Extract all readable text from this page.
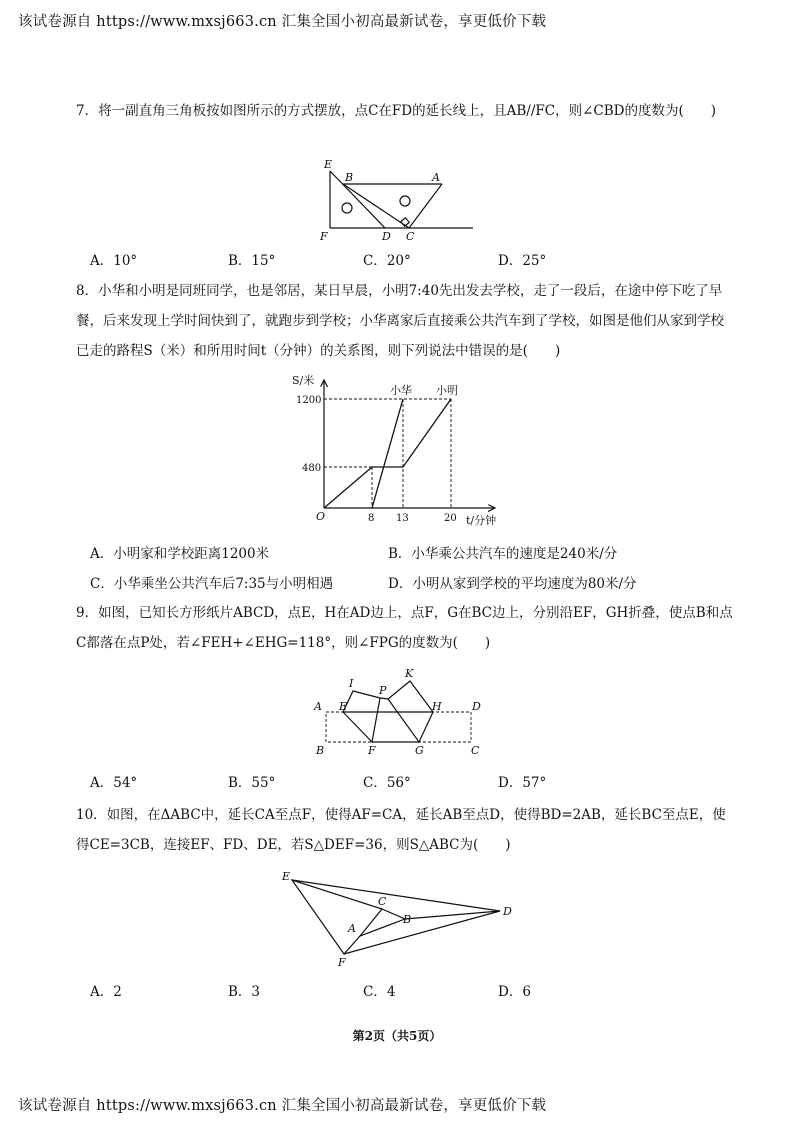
该试卷源自 https://www.mxsj663.cn 汇集全国小初高最新试卷，享更低价下载
7．将一副直角三角板按如图所示的方式摆放，点C在FD的延长线上，且AB//FC，则∠CBD的度数为(　　)
E
B	A
F	D C
A．10°	B．15°	C．20°	D．25°
8．小华和小明是同班同学，也是邻居，某日早晨，小明7:40先出发去学校，走了一段后，在途中停下吃了早餐，后来发现上学时间快到了，就跑步到学校；小华离家后直接乘公共汽车到了学校，如图是他们从家到学校已走的路程S（米）和所用时间t（分钟）的关系图，则下列说法中错误的是(　　)
S/米
t/分钟
O
1200
480
8 13	20
小华 小明
A．小明家和学校距离1200米	B．小华乘公共汽车的速度是240米/分
C．小华乘坐公共汽车后7:35与小明相遇	D．小明从家到学校的平均速度为80米/分
9．如图，已知长方形纸片ABCD，点E，H在AD边上，点F，G在BC边上，分别沿EF，GH折叠，使点B和点C都落在点P处，若∠FEH+∠EHG=118°，则∠FPG的度数为(　　)
I
K
P
A E	H	D
B	F	G	C
A．54°	B．55°	C．56°	D．57°
10．如图，在ΔABC中，延长CA至点F，使得AF=CA，延长AB至点D，使得BD=2AB，延长BC至点E，使得CE=3CB，连接EF、FD、DE，若S△DEF=36，则S△ABC为(　　)
E
C
B
D
A
F
A．2	B．3	C．4	D．6
第2页（共5页）
该试卷源自 https://www.mxsj663.cn 汇集全国小初高最新试卷，享更低价下载
